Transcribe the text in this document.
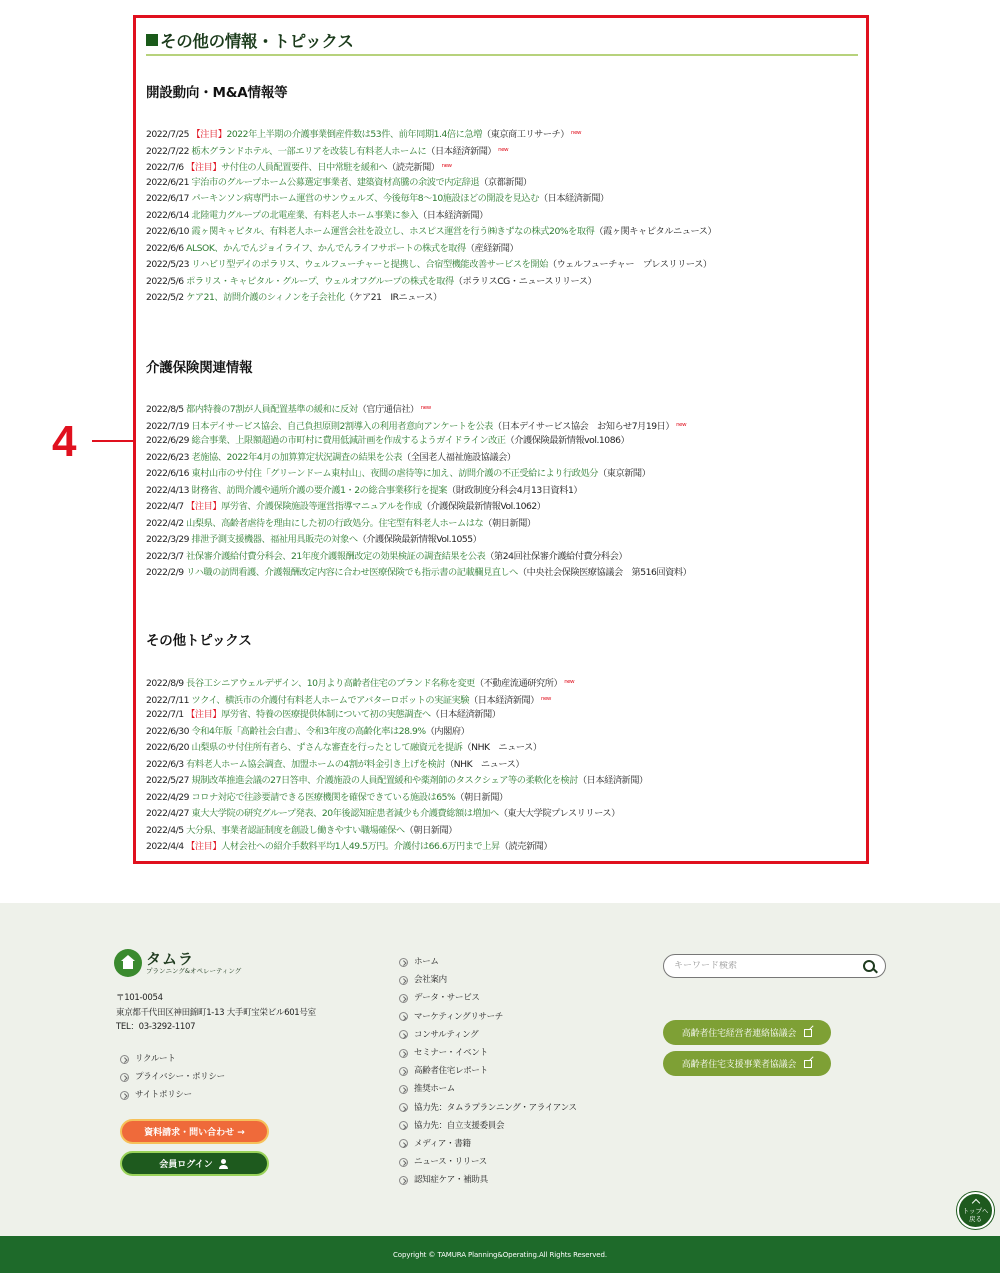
その他の情報・トピックス
開設動向・M&A情報等
2022/7/25 【注目】2022年上半期の介護事業倒産件数は53件、前年同期1.4倍に急増（東京商工リサーチ） $^{new}$
2022/7/22 栃木グランドホテル、一部エリアを改装し有料老人ホームに（日本経済新聞） $^{new}$
2022/7/6 【注目】サ付住の人員配置要件、日中常駐を緩和へ（読売新聞） $^{new}$
2022/6/21 宇治市のグループホーム公募選定事業者、建築資材高騰の余波で内定辞退（京都新聞）
2022/6/17 パーキンソン病専門ホーム運営のサンウェルズ、今後毎年8〜10施設ほどの開設を見込む（日本経済新聞）
2022/6/14 北陸電力グループの北電産業、有料老人ホーム事業に参入（日本経済新聞）
2022/6/10 霞ヶ関キャピタル、有料老人ホーム運営会社を設立し、ホスピス運営を行う㈱きずなの株式20%を取得（霞ヶ関キャピタルニュース）
2022/6/6 ALSOK、かんでんジョイライフ、かんでんライフサポートの株式を取得（産経新聞）
2022/5/23 リハビリ型デイのポラリス、ウェルフューチャーと提携し、合宿型機能改善サービスを開始（ウェルフューチャー　プレスリリース）
2022/5/6 ポラリス・キャピタル・グループ、ウェルオフグループの株式を取得（ポラリスCG・ニュースリリース）
2022/5/2 ケア21、訪問介護のシィノンを子会社化（ケア21　IRニュース）
介護保険関連情報
2022/8/5 都内特養の7割が人員配置基準の緩和に反対（官庁通信社） $^{new}$
2022/7/19 日本デイサービス協会、自己負担原則2割導入の利用者意向アンケートを公表（日本デイサービス協会　お知らせ7月19日） $^{new}$
2022/6/29 総合事業、上限額超過の市町村に費用低減計画を作成するようガイドライン改正（介護保険最新情報vol.1086）
2022/6/23 老施協、2022年4月の加算算定状況調査の結果を公表（全国老人福祉施設協議会）
2022/6/16 東村山市のサ付住「グリーンドーム東村山」、夜間の虐待等に加え、訪問介護の不正受給により行政処分（東京新聞）
2022/4/13 財務省、訪問介護や通所介護の要介護1・2の総合事業移行を提案（財政制度分科会4月13日資料1）
2022/4/7 【注目】厚労省、介護保険施設等運営指導マニュアルを作成（介護保険最新情報Vol.1062）
2022/4/2 山梨県、高齢者虐待を理由にした初の行政処分。住宅型有料老人ホームはな（朝日新聞）
2022/3/29 排泄予測支援機器、福祉用具販売の対象へ（介護保険最新情報Vol.1055）
2022/3/7 社保審介護給付費分科会、21年度介護報酬改定の効果検証の調査結果を公表（第24回社保審介護給付費分科会）
2022/2/9 リハ職の訪問看護、介護報酬改定内容に合わせ医療保険でも指示書の記載欄見直しへ（中央社会保険医療協議会　第516回資料）
その他トピックス
2022/8/9 長谷工シニアウェルデザイン、10月より高齢者住宅のブランド名称を変更（不動産流通研究所） $^{new}$
2022/7/11 ツクイ、横浜市の介護付有料老人ホームでアバターロボットの実証実験（日本経済新聞） $^{new}$
2022/7/1 【注目】厚労省、特養の医療提供体制について初の実態調査へ（日本経済新聞）
2022/6/30 令和4年版「高齢社会白書」、令和3年度の高齢化率は28.9%（内閣府）
2022/6/20 山梨県のサ付住所有者ら、ずさんな審査を行ったとして融資元を提訴（NHK　ニュース）
2022/6/3 有料老人ホーム協会調査、加盟ホームの4割が料金引き上げを検討（NHK　ニュース）
2022/5/27 規制改革推進会議の27日答申、介護施設の人員配置緩和や薬剤師のタスクシェア等の柔軟化を検討（日本経済新聞）
2022/4/29 コロナ対応で往診要請できる医療機関を確保できている施設は65%（朝日新聞）
2022/4/27 東大大学院の研究グループ発表、20年後認知症患者減少も介護費総額は増加へ（東大大学院プレスリリース）
2022/4/5 大分県、事業者認証制度を創設し働きやすい職場確保へ（朝日新聞）
2022/4/4 【注目】人材会社への紹介手数料平均1人49.5万円。介護付は66.6万円まで上昇（読売新聞）
4
タムラ
プランニング&オペレーティング
〒101-0054
東京都千代田区神田錦町1-13 大手町宝栄ビル601号室
TEL：03-3292-1107
リクルート
プライバシー・ポリシー
サイトポリシー
資料請求・問い合わせ →
会員ログイン
ホーム
会社案内
データ・サービス
マーケティングリサーチ
コンサルティング
セミナー・イベント
高齢者住宅レポート
推奨ホーム
協力先：タムラプランニング・アライアンス
協力先：自立支援委員会
メディア・書籍
ニュース・リリース
認知症ケア・補助具
キーワード検索
高齢者住宅経営者連絡協議会
高齢者住宅支援事業者協議会
トップへ
戻る
Copyright © TAMURA Planning&Operating.All Rights Reserved.
